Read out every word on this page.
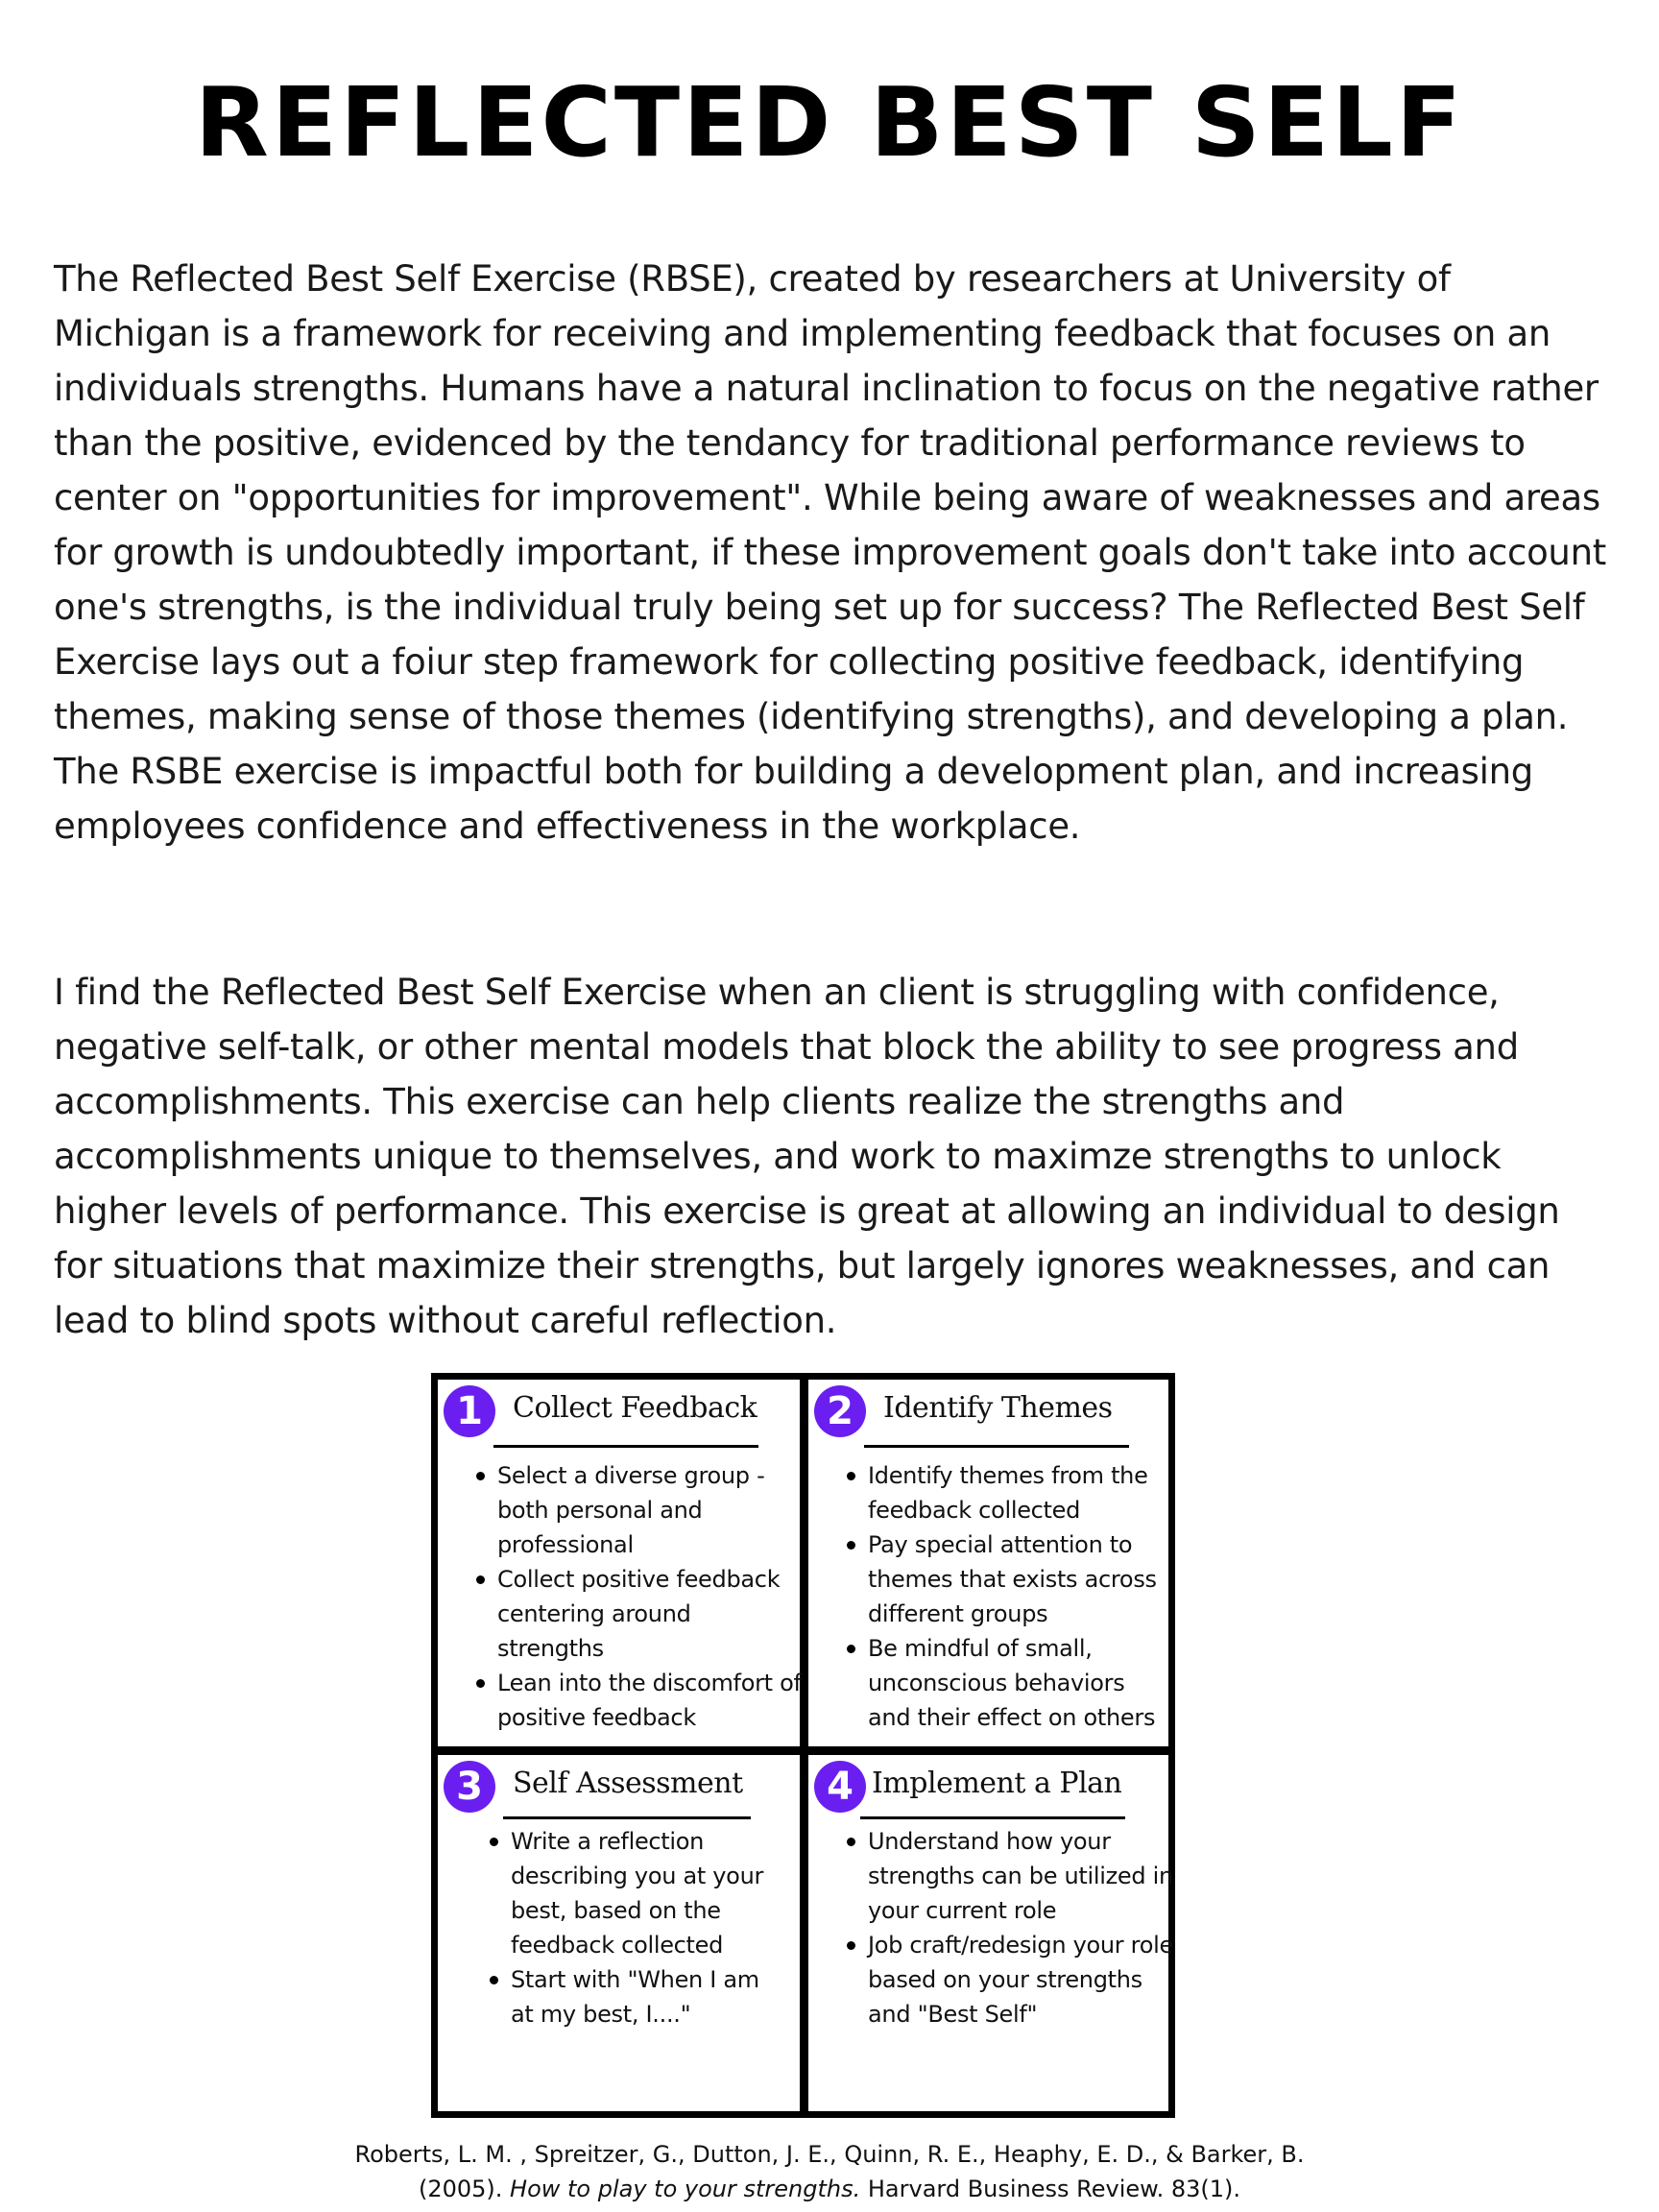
REFLECTED BEST SELF

The Reflected Best Self Exercise (RBSE), created by researchers at University of Michigan is a framework for receiving and implementing feedback that focuses on an individuals strengths. Humans have a natural inclination to focus on the negative rather than the positive, evidenced by the tendancy for traditional performance reviews to center on "opportunities for improvement". While being aware of weaknesses and areas for growth is undoubtedly important, if these improvement goals don't take into account one's strengths, is the individual truly being set up for success? The Reflected Best Self Exercise lays out a foiur step framework for collecting positive feedback, identifying themes, making sense of those themes (identifying strengths), and developing a plan. The RSBE exercise is impactful both for building a development plan, and increasing employees confidence and effectiveness in the workplace.

I find the Reflected Best Self Exercise when an client is struggling with confidence, negative self-talk, or other mental models that block the ability to see progress and accomplishments. This exercise can help clients realize the strengths and accomplishments unique to themselves, and work to maximze strengths to unlock higher levels of performance. This exercise is great at allowing an individual to design for situations that maximize their strengths, but largely ignores weaknesses, and can lead to blind spots without careful reflection.

1	Collect Feedback
Select a diverse group - both personal and professional
Collect positive feedback centering around strengths
Lean into the discomfort of positive feedback
2	Identify Themes
Identify themes from the feedback collected
Pay special attention to themes that exists across different groups
Be mindful of small, unconscious behaviors and their effect on others
3	Self Assessment
Write a reflection describing you at your best, based on the feedback collected
Start with "When I am at my best, I...."
4 Implement a Plan
Understand how your strengths can be utilized in your current role
Job craft/redesign your role based on your strengths and "Best Self"
Roberts, L. M. , Spreitzer, G., Dutton, J. E., Quinn, R. E., Heaphy, E. D., & Barker, B.
(2005). How to play to your strengths. Harvard Business Review. 83(1).
